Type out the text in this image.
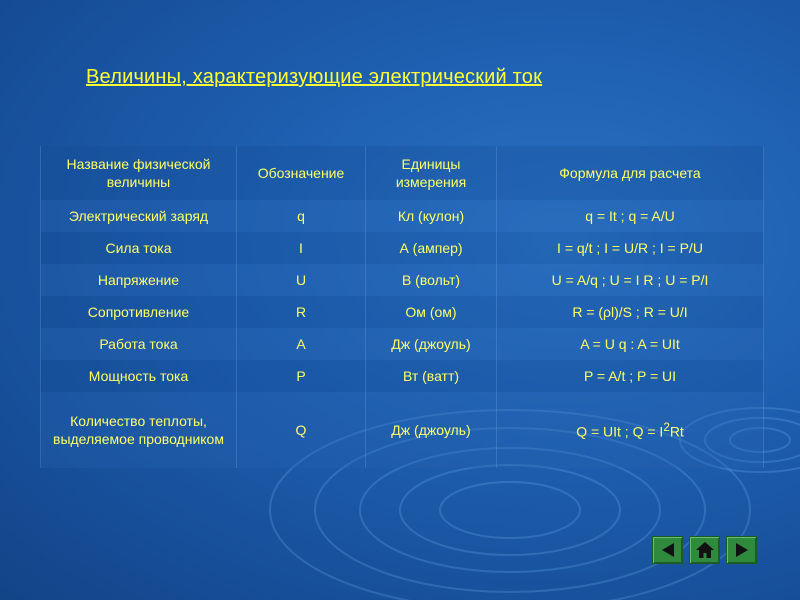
Величины, характеризующие электрический ток
Название физической величины	Обозначение	Единицы измерения	Формула для расчета
Электрический заряд	q	Кл (кулон)	q = It ; q = A/U
Сила тока	I	А (ампер)	I = q/t ; I = U/R ; I = P/U
Напряжение	U	В (вольт)	U = A/q ; U = I R ; U = P/I
Сопротивление	R	Ом (ом)	R = (ρl)/S ; R = U/I
Работа тока	A	Дж (джоуль)	A = U q : A = UIt
Мощность тока	P	Вт (ватт)	P = A/t ; P = UI
Количество теплоты, выделяемое проводником	Q	Дж (джоуль)	Q = UIt ; $Q = I^2Rt$
